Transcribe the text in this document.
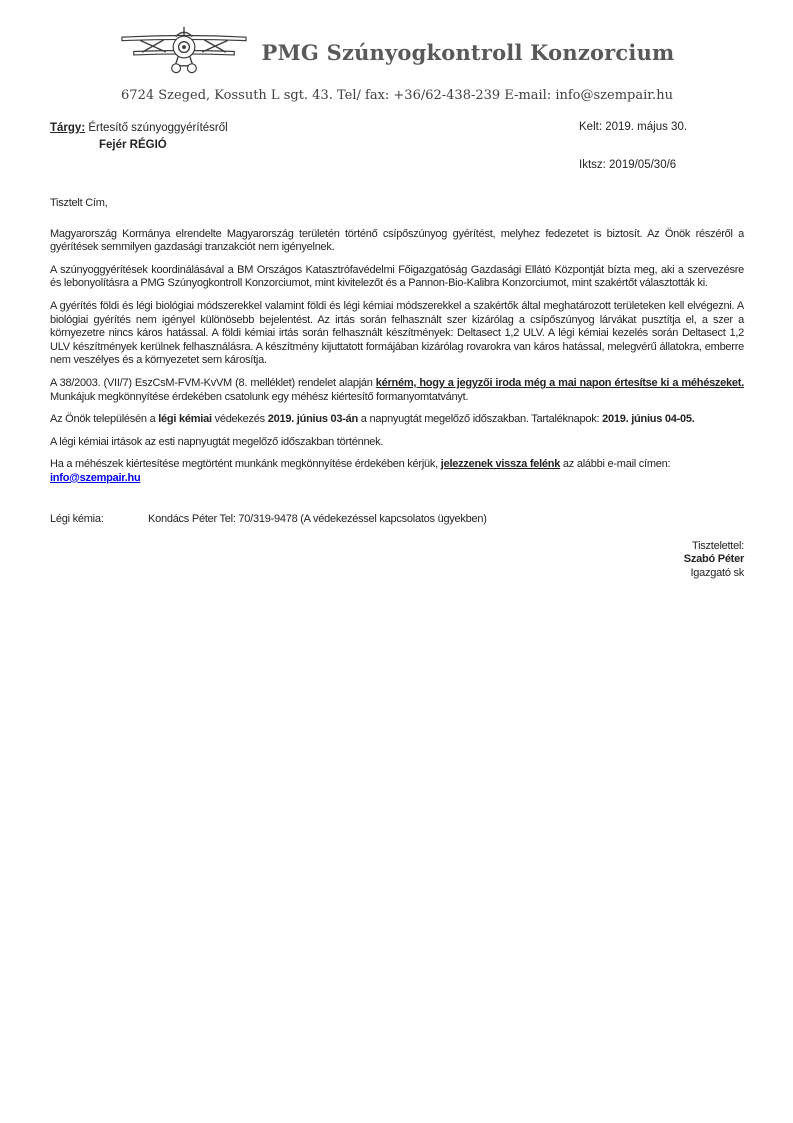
PMG Szúnyogkontroll Konzorcium
6724 Szeged, Kossuth L sgt. 43. Tel/ fax: +36/62-438-239 E-mail: info@szempair.hu
Tárgy: Értesítő szúnyoggyérítésről
Fejér RÉGIÓ
Kelt: 2019. május 30.
Iktsz: 2019/05/30/6

Tisztelt Cím,

Magyarország Kormánya elrendelte Magyarország területén történő csípőszúnyog gyérítést, melyhez fedezetet is biztosít. Az Önök részéről a gyérítések semmilyen gazdasági tranzakciót nem igényelnek.

A szúnyoggyérítések koordinálásával a BM Országos Katasztrófavédelmi Főigazgatóság Gazdasági Ellátó Központját bízta meg, aki a szervezésre és lebonyolításra a PMG Szúnyogkontroll Konzorciumot, mint kivitelezőt és a Pannon-Bio-Kalibra Konzorciumot, mint szakértőt választották ki.

A gyérítés földi és légi biológiai módszerekkel valamint földi és légi kémiai módszerekkel a szakértők által meghatározott területeken kell elvégezni. A biológiai gyérítés nem igényel különösebb bejelentést. Az irtás során felhasznált szer kizárólag a csípőszúnyog lárvákat pusztítja el, a szer a környezetre nincs káros hatással. A földi kémiai irtás során felhasznált készítmények: Deltasect 1,2 ULV. A légi kémiai kezelés során Deltasect 1,2 ULV készítmények kerülnek felhasználásra. A készítmény kijuttatott formájában kizárólag rovarokra van káros hatással, melegvérű állatokra, emberre nem veszélyes és a környezetet sem károsítja.

A 38/2003. (VII/7) EszCsM-FVM-KvVM (8. melléklet) rendelet alapján kérném, hogy a jegyzői iroda még a mai napon értesítse ki a méhészeket. Munkájuk megkönnyítése érdekében csatolunk egy méhész kiértesítő formanyomtatványt.

Az Önök településén a légi kémiai védekezés 2019. június 03-án a napnyugtát megelőző időszakban. Tartaléknapok: 2019. június 04-05.

A légi kémiai irtások az esti napnyugtát megelőző időszakban történnek.

Ha a méhészek kiértesítése megtörtént munkánk megkönnyítése érdekében kérjük, jelezzenek vissza felénk az alábbi e-mail címen:
info@szempair.hu

Légi kémia:	Kondács Péter Tel: 70/319-9478 (A védekezéssel kapcsolatos ügyekben)
Tisztelettel:
Szabó Péter
Igazgató sk
